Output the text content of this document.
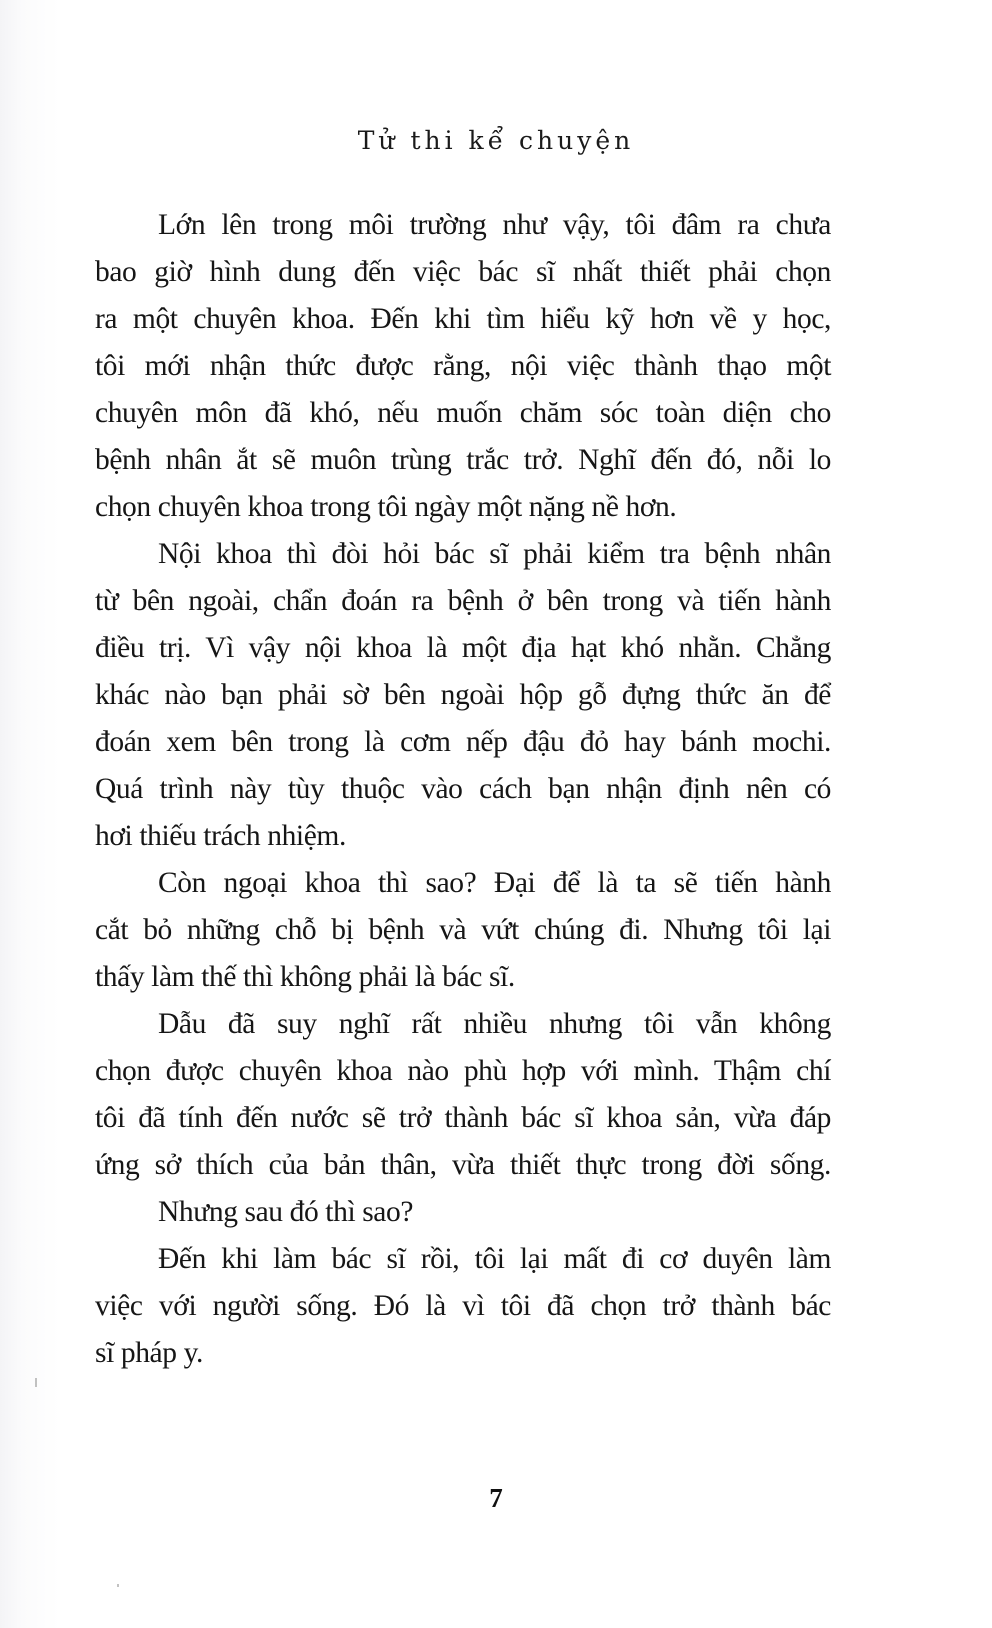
Tử thi kể chuyện
Lớn lên trong môi trường như vậy, tôi đâm ra chưa
bao giờ hình dung đến việc bác sĩ nhất thiết phải chọn
ra một chuyên khoa. Đến khi tìm hiểu kỹ hơn về y học,
tôi mới nhận thức được rằng, nội việc thành thạo một
chuyên môn đã khó, nếu muốn chăm sóc toàn diện cho
bệnh nhân ắt sẽ muôn trùng trắc trở. Nghĩ đến đó, nỗi lo
chọn chuyên khoa trong tôi ngày một nặng nề hơn.
Nội khoa thì đòi hỏi bác sĩ phải kiểm tra bệnh nhân
từ bên ngoài, chẩn đoán ra bệnh ở bên trong và tiến hành
điều trị. Vì vậy nội khoa là một địa hạt khó nhằn. Chẳng
khác nào bạn phải sờ bên ngoài hộp gỗ đựng thức ăn để
đoán xem bên trong là cơm nếp đậu đỏ hay bánh mochi.
Quá trình này tùy thuộc vào cách bạn nhận định nên có
hơi thiếu trách nhiệm.
Còn ngoại khoa thì sao? Đại để là ta sẽ tiến hành
cắt bỏ những chỗ bị bệnh và vứt chúng đi. Nhưng tôi lại
thấy làm thế thì không phải là bác sĩ.
Dẫu đã suy nghĩ rất nhiều nhưng tôi vẫn không
chọn được chuyên khoa nào phù hợp với mình. Thậm chí
tôi đã tính đến nước sẽ trở thành bác sĩ khoa sản, vừa đáp
ứng sở thích của bản thân, vừa thiết thực trong đời sống.
Nhưng sau đó thì sao?
Đến khi làm bác sĩ rồi, tôi lại mất đi cơ duyên làm
việc với người sống. Đó là vì tôi đã chọn trở thành bác
sĩ pháp y.
7
